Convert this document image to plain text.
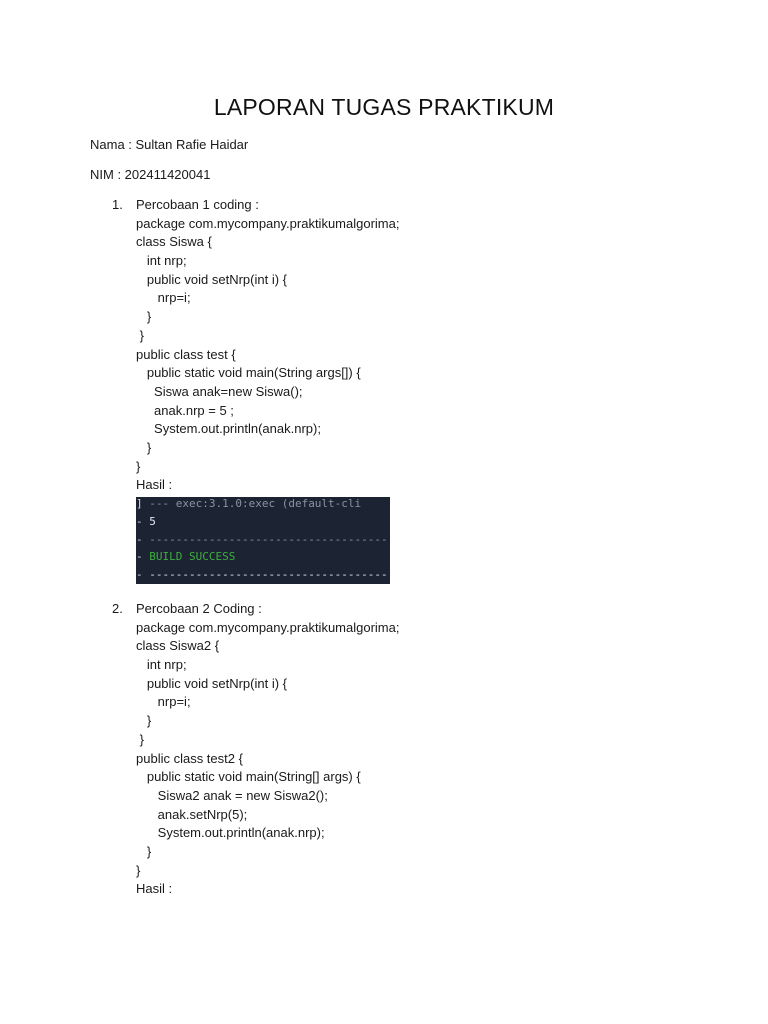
LAPORAN TUGAS PRAKTIKUM
Nama : Sultan Rafie Haidar
NIM : 202411420041
1. Percobaan 1 coding :
package com.mycompany.praktikumalgorima;
class Siswa {
int nrp;
public void setNrp(int i) {
nrp=i;
}
}
public class test {
public static void main(String args[]) {
Siswa anak=new Siswa();
anak.nrp = 5 ;
System.out.println(anak.nrp);
}
}
Hasil :
] --- exec:3.1.0:exec (default-cli
- 5
- ------------------------------------
- BUILD SUCCESS
- ------------------------------------
2. Percobaan 2 Coding :
package com.mycompany.praktikumalgorima;
class Siswa2 {
int nrp;
public void setNrp(int i) {
nrp=i;
}
}
public class test2 {
public static void main(String[] args) {
Siswa2 anak = new Siswa2();
anak.setNrp(5);
System.out.println(anak.nrp);
}
}
Hasil :
